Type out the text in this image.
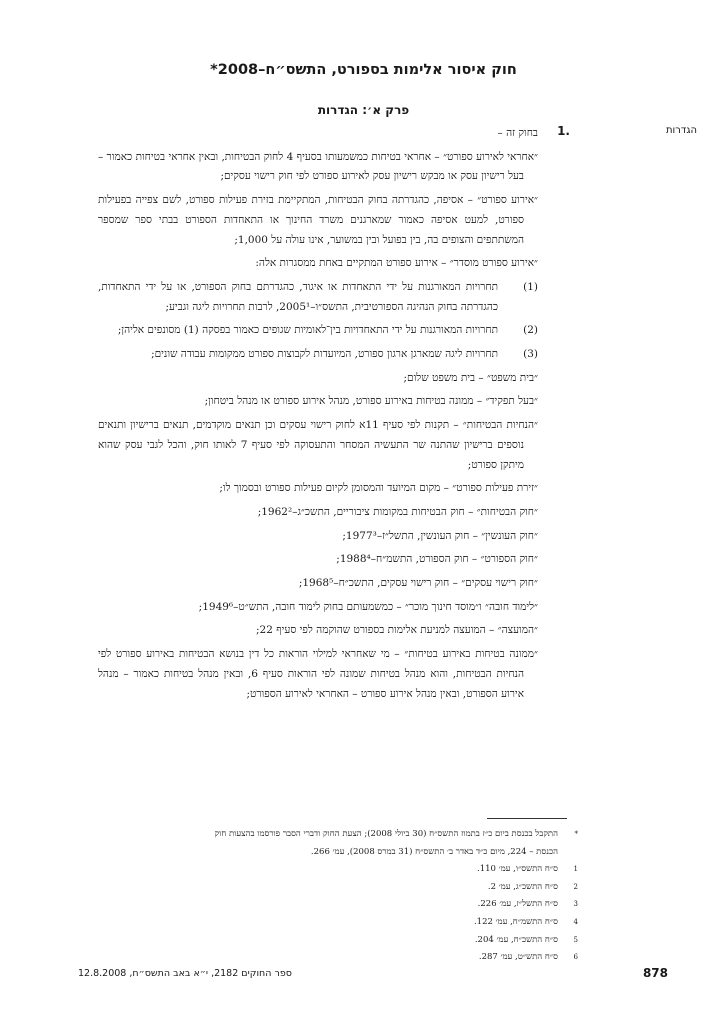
חוק איסור אלימות בספורט, התשס״ח–2008*
פרק א׳: הגדרות
הגדרות
1.

בחוק זה –

״אחראי לאירוע ספורט״ – אחראי בטיחות כמשמעותו בסעיף 4 לחוק הבטיחות, ובאין אחראי בטיחות כאמור – בעל רישיון עסק או מבקש רישיון עסק לאירוע ספורט לפי חוק רישוי עסקים;

״אירוע ספורט״ – אסיפה, כהגדרתה בחוק הבטיחות, המתקיימת בזירת פעילות ספורט, לשם צפייה בפעילות ספורט, למעט אסיפה כאמור שמארגנים משרד החינוך או התאחדות הספורט בבתי ספר שמספר המשתתפים והצופים בה, בין בפועל ובין במשוער, אינו עולה על 1,000;

״אירוע ספורט מוסדר״ – אירוע ספורט המתקיים באחת ממסגרות אלה:

(1)
תחרויות המאורגנות על ידי התאחדות או איגוד, כהגדרתם בחוק הספורט, או על ידי התאחדות, כהגדרתה בחוק הנהיגה הספורטיבית, התשס״ו–2005¹, לרבות תחרויות ליגה וגביע;
(2)
תחרויות המאורגנות על ידי התאחדויות בין־לאומיות שגופים כאמור בפסקה (1) מסונפים אליהן;
(3)
תחרויות ליגה שמארגן ארגון ספורט, המיועדות לקבוצות ספורט ממקומות עבודה שונים;

״בית משפט״ – בית משפט שלום;

״בעל תפקיד״ – ממונה בטיחות באירוע ספורט, מנהל אירוע ספורט או מנהל ביטחון;

״הנחיות הבטיחות״ – תקנות לפי סעיף 11א לחוק רישוי עסקים וכן תנאים מוקדמים, תנאים ברישיון ותנאים נוספים ברישיון שהתנה שר התעשיה המסחר והתעסוקה לפי סעיף 7 לאותו חוק, והכל לגבי עסק שהוא מיתקן ספורט;

״זירת פעילות ספורט״ – מקום המיועד והמסומן לקיום פעילות ספורט ובסמוך לו;

״חוק הבטיחות״ – חוק הבטיחות במקומות ציבוריים, התשכ״ג–1962²;

״חוק העונשין״ – חוק העונשין, התשל״ז–1977³;

״חוק הספורט״ – חוק הספורט, התשמ״ח–1988⁴;

״חוק רישוי עסקים״ – חוק רישוי עסקים, התשכ״ח–1968⁵;

״לימוד חובה״ ו״מוסד חינוך מוכר״ – כמשמעותם בחוק לימוד חובה, התש״ט–1949⁶;

״המועצה״ – המועצה למניעת אלימות בספורט שהוקמה לפי סעיף 22;

״ממונה בטיחות באירוע בטיחות״ – מי שאחראי למילוי הוראות כל דין בנושא הבטיחות באירוע ספורט לפי הנחיות הבטיחות, והוא מנהל בטיחות שמונה לפי הוראות סעיף 6, ובאין מנהל בטיחות כאמור – מנהל אירוע הספורט, ובאין מנהל אירוע ספורט – האחראי לאירוע הספורט;

*
התקבל בכנסת ביום כ״ז בתמוז התשס״ח (30 ביולי 2008); הצעת החוק ודברי הסבר פורסמו בהצעות חוק הכנסת – 224, מיום כ״ד באדר ב׳ התשס״ח (31 במרס 2008), עמ׳ 266.
1
ס״ח התשס״ו, עמ׳ 110.
2
ס״ח התשכ״ג, עמ׳ 2.
3
ס״ח התשל״ז, עמ׳ 226.
4
ס״ח התשמ״ח, עמ׳ 122.
5
ס״ח התשכ״ח, עמ׳ 204.
6
ס״ח התש״ט, עמ׳ 287.
ספר החוקים 2182, י״א באב התשס״ח, 12.8.2008	878
